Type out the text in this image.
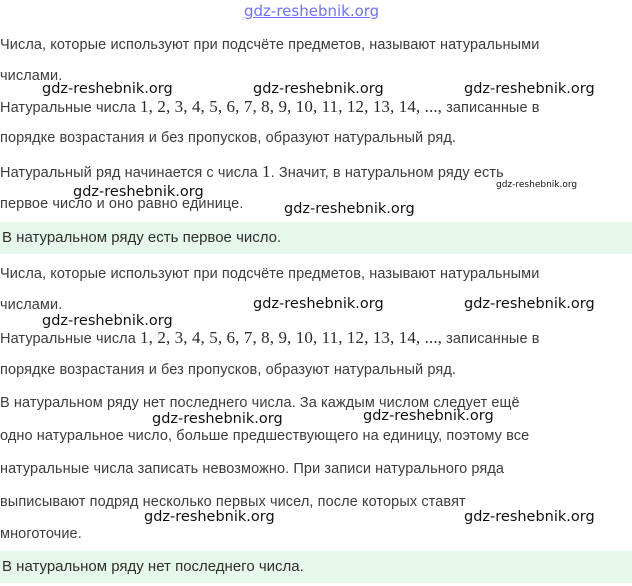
gdz-reshebnik.org
Числа, которые используют при подсчёте предметов, называют натуральными
числами.
Натуральные числа 1, 2, 3, 4, 5, 6, 7, 8, 9, 10, 11, 12, 13, 14, ..., записанные в
порядке возрастания и без пропусков, образуют натуральный ряд.
Натуральный ряд начинается с числа 1. Значит, в натуральном ряду есть
первое число и оно равно единице.
В натуральном ряду есть первое число.
Числа, которые используют при подсчёте предметов, называют натуральными
числами.
Натуральные числа 1, 2, 3, 4, 5, 6, 7, 8, 9, 10, 11, 12, 13, 14, ..., записанные в
порядке возрастания и без пропусков, образуют натуральный ряд.
В натуральном ряду нет последнего числа. За каждым числом следует ещё
одно натуральное число, больше предшествующего на единицу, поэтому все
натуральные числа записать невозможно. При записи натурального ряда
выписывают подряд несколько первых чисел, после которых ставят
многоточие.
В натуральном ряду нет последнего числа.
gdz-reshebnik.org	gdz-reshebnik.org	gdz-reshebnik.org
gdz-reshebnik.org	gdz-reshebnik.org
gdz-reshebnik.org
gdz-reshebnik.org	gdz-reshebnik.org
gdz-reshebnik.org
gdz-reshebnik.org	gdz-reshebnik.org
gdz-reshebnik.org	gdz-reshebnik.org
